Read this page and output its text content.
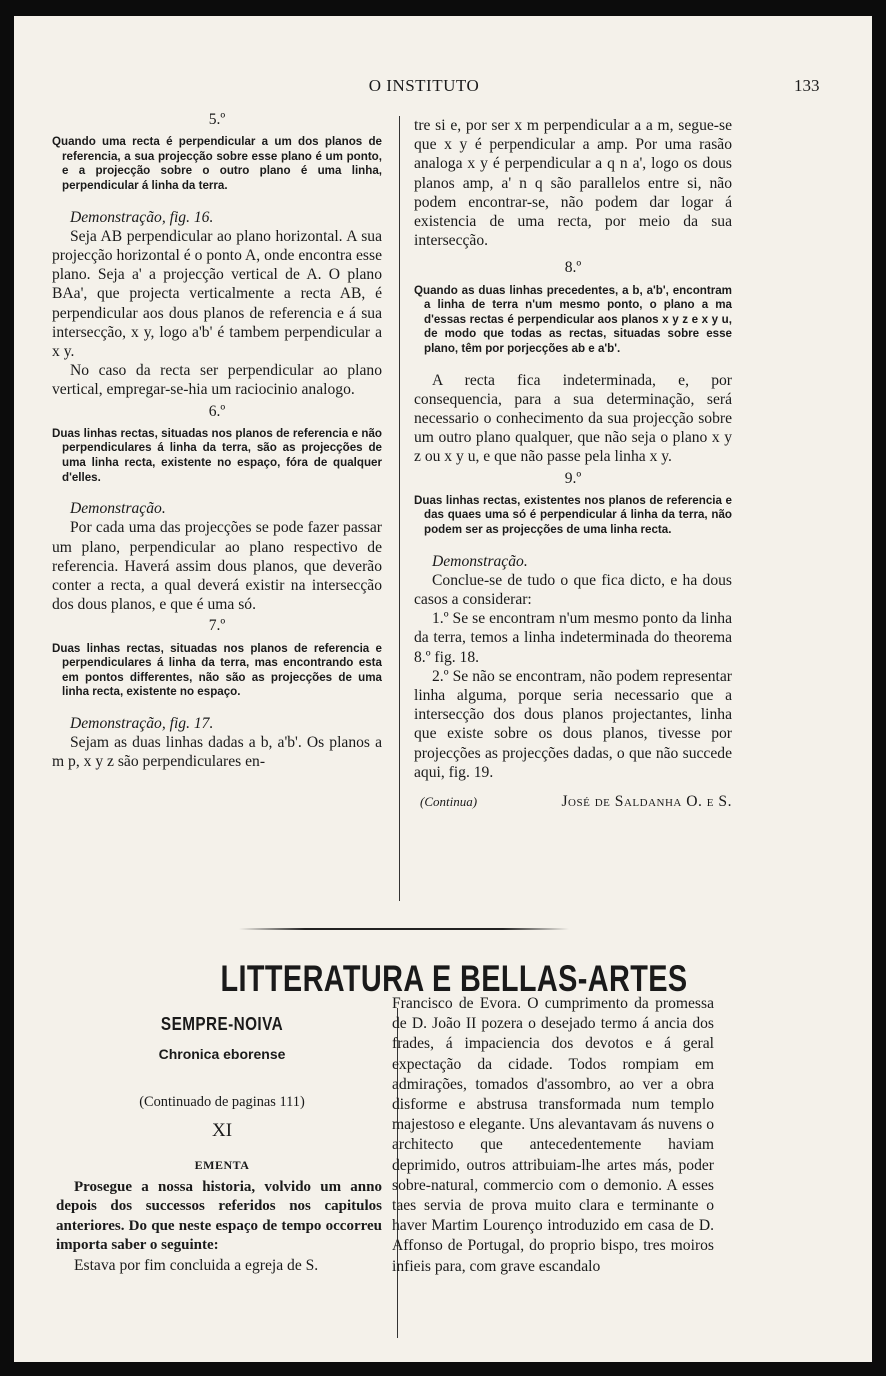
O INSTITUTO	133
5.º
Quando uma recta é perpendicular a um dos planos de referencia, a sua projecção sobre esse plano é um ponto, e a projecção sobre o outro plano é uma linha, perpendicular á linha da terra.

Demonstração, fig. 16.

Seja AB perpendicular ao plano horizontal. A sua projecção horizontal é o ponto A, onde encontra esse plano. Seja a' a projecção vertical de A. O plano BAa', que projecta verticalmente a recta AB, é perpendicular aos dous planos de referencia e á sua intersecção, x y, logo a'b' é tambem perpendicular a x y.

No caso da recta ser perpendicular ao plano vertical, empregar-se-hia um raciocinio analogo.

6.º
Duas linhas rectas, situadas nos planos de referencia e não perpendiculares á linha da terra, são as projecções de uma linha recta, existente no espaço, fóra de qualquer d'elles.

Demonstração.

Por cada uma das projecções se pode fazer passar um plano, perpendicular ao plano respectivo de referencia. Haverá assim dous planos, que deverão conter a recta, a qual deverá existir na intersecção dos dous planos, e que é uma só.

7.º
Duas linhas rectas, situadas nos planos de referencia e perpendiculares á linha da terra, mas encontrando esta em pontos differentes, não são as projecções de uma linha recta, existente no espaço.

Demonstração, fig. 17.

Sejam as duas linhas dadas a b, a'b'. Os planos a m p, x y z são perpendiculares en-

tre si e, por ser x m perpendicular a a m, segue-se que x y é perpendicular a amp. Por uma rasão analoga x y é perpendicular a q n a', logo os dous planos amp, a' n q são parallelos entre si, não podem encontrar-se, não podem dar logar á existencia de uma recta, por meio da sua intersecção.

8.º
Quando as duas linhas precedentes, a b, a'b', encontram a linha de terra n'um mesmo ponto, o plano a ma d'essas rectas é perpendicular aos planos x y z e x y u, de modo que todas as rectas, situadas sobre esse plano, têm por porjecções ab e a'b'.

A recta fica indeterminada, e, por consequencia, para a sua determinação, será necessario o conhecimento da sua projecção sobre um outro plano qualquer, que não seja o plano x y z ou x y u, e que não passe pela linha x y.

9.º
Duas linhas rectas, existentes nos planos de referencia e das quaes uma só é perpendicular á linha da terra, não podem ser as projecções de uma linha recta.

Demonstração.

Conclue-se de tudo o que fica dicto, e ha dous casos a considerar:

1.º Se se encontram n'um mesmo ponto da linha da terra, temos a linha indeterminada do theorema 8.º fig. 18.

2.º Se não se encontram, não podem representar linha alguma, porque seria necessario que a intersecção dos dous planos projectantes, linha que existe sobre os dous planos, tivesse por projecções as projecções dadas, o que não succede aqui, fig. 19.

(Continua)	José de Saldanha O. e S.
LITTERATURA E BELLAS-ARTES
SEMPRE-NOIVA
Chronica eborense
(Continuado de paginas 111)
XI
EMENTA

Prosegue a nossa historia, volvido um anno depois dos successos referidos nos capitulos anteriores. Do que neste espaço de tempo occorreu importa saber o seguinte:

Estava por fim concluida a egreja de S.

Francisco de Evora. O cumprimento da promessa de D. João II pozera o desejado termo á ancia dos frades, á impaciencia dos devotos e á geral expectação da cidade. Todos rompiam em admirações, tomados d'assombro, ao ver a obra disforme e abstrusa transformada num templo majestoso e elegante. Uns alevantavam ás nuvens o architecto que antecedentemente haviam deprimido, outros attribuiam-lhe artes más, poder sobre-natural, commercio com o demonio. A esses taes servia de prova muito clara e terminante o haver Martim Lourenço introduzido em casa de D. Affonso de Portugal, do proprio bispo, tres moiros infieis para, com grave escandalo
